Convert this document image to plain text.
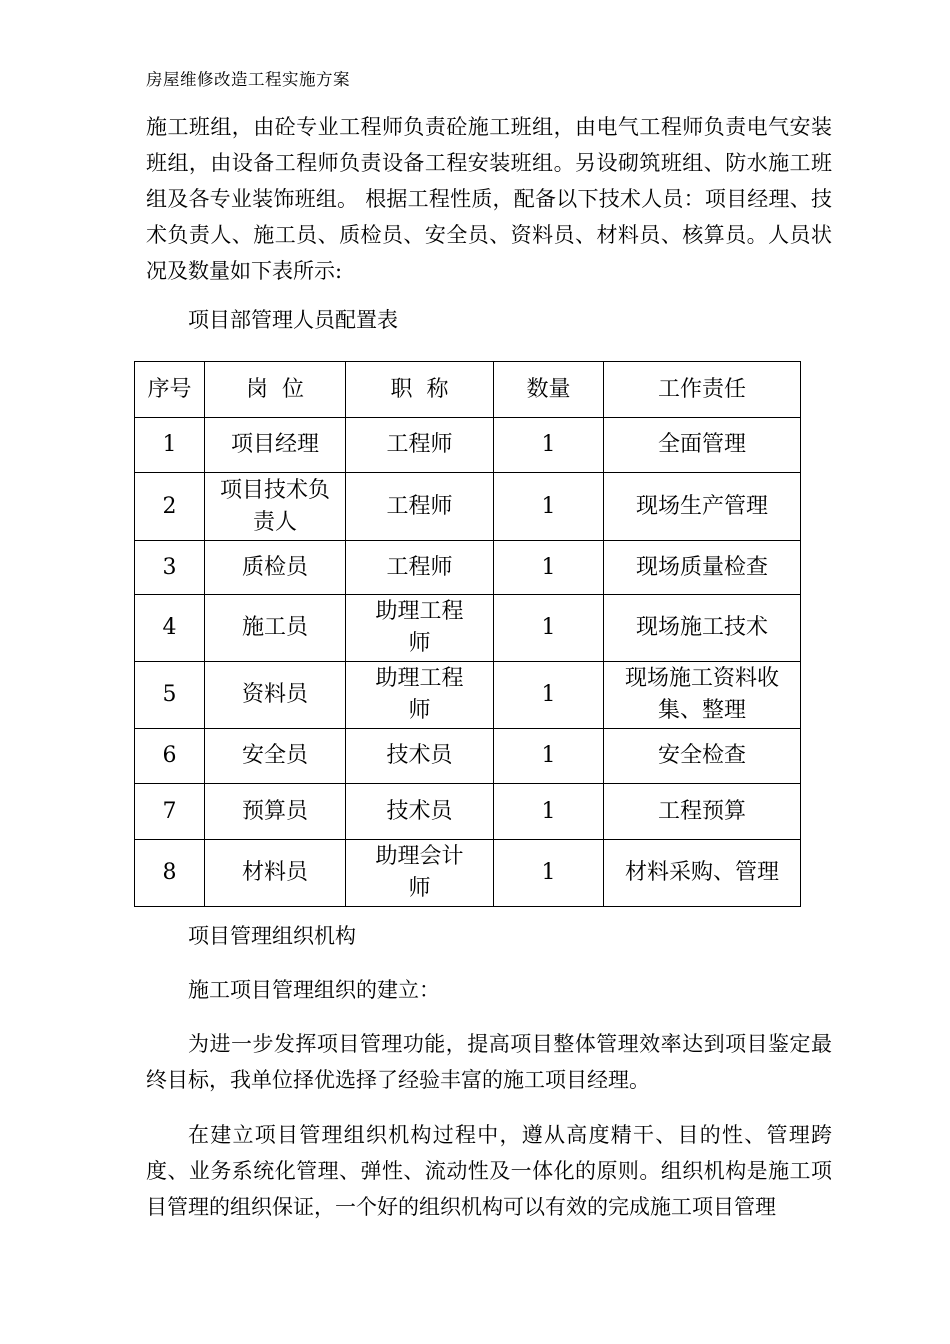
房屋维修改造工程实施方案

施工班组，由砼专业工程师负责砼施工班组，由电气工程师负责电气安装班组，由设备工程师负责设备工程安装班组。另设砌筑班组、防水施工班组及各专业装饰班组。 根据工程性质，配备以下技术人员：项目经理、技术负责人、施工员、质检员、安全员、资料员、材料员、核算员。人员状况及数量如下表所示:

项目部管理人员配置表
序号	岗  位	职  称	数量	工作责任
1	项目经理	工程师	1	全面管理
2	项目技术负责人	工程师	1	现场生产管理
3	质检员	工程师	1	现场质量检查
4	施工员	助理工程师	1	现场施工技术
5	资料员	助理工程师	1	现场施工资料收集、整理
6	安全员	技术员	1	安全检查
7	预算员	技术员	1	工程预算
8	材料员	助理会计师	1	材料采购、管理
项目管理组织机构
施工项目管理组织的建立：

为进一步发挥项目管理功能，提高项目整体管理效率达到项目鉴定最终目标，我单位择优选择了经验丰富的施工项目经理。

在建立项目管理组织机构过程中，遵从高度精干、目的性、管理跨度、业务系统化管理、弹性、流动性及一体化的原则。组织机构是施工项目管理的组织保证，一个好的组织机构可以有效的完成施工项目管理
